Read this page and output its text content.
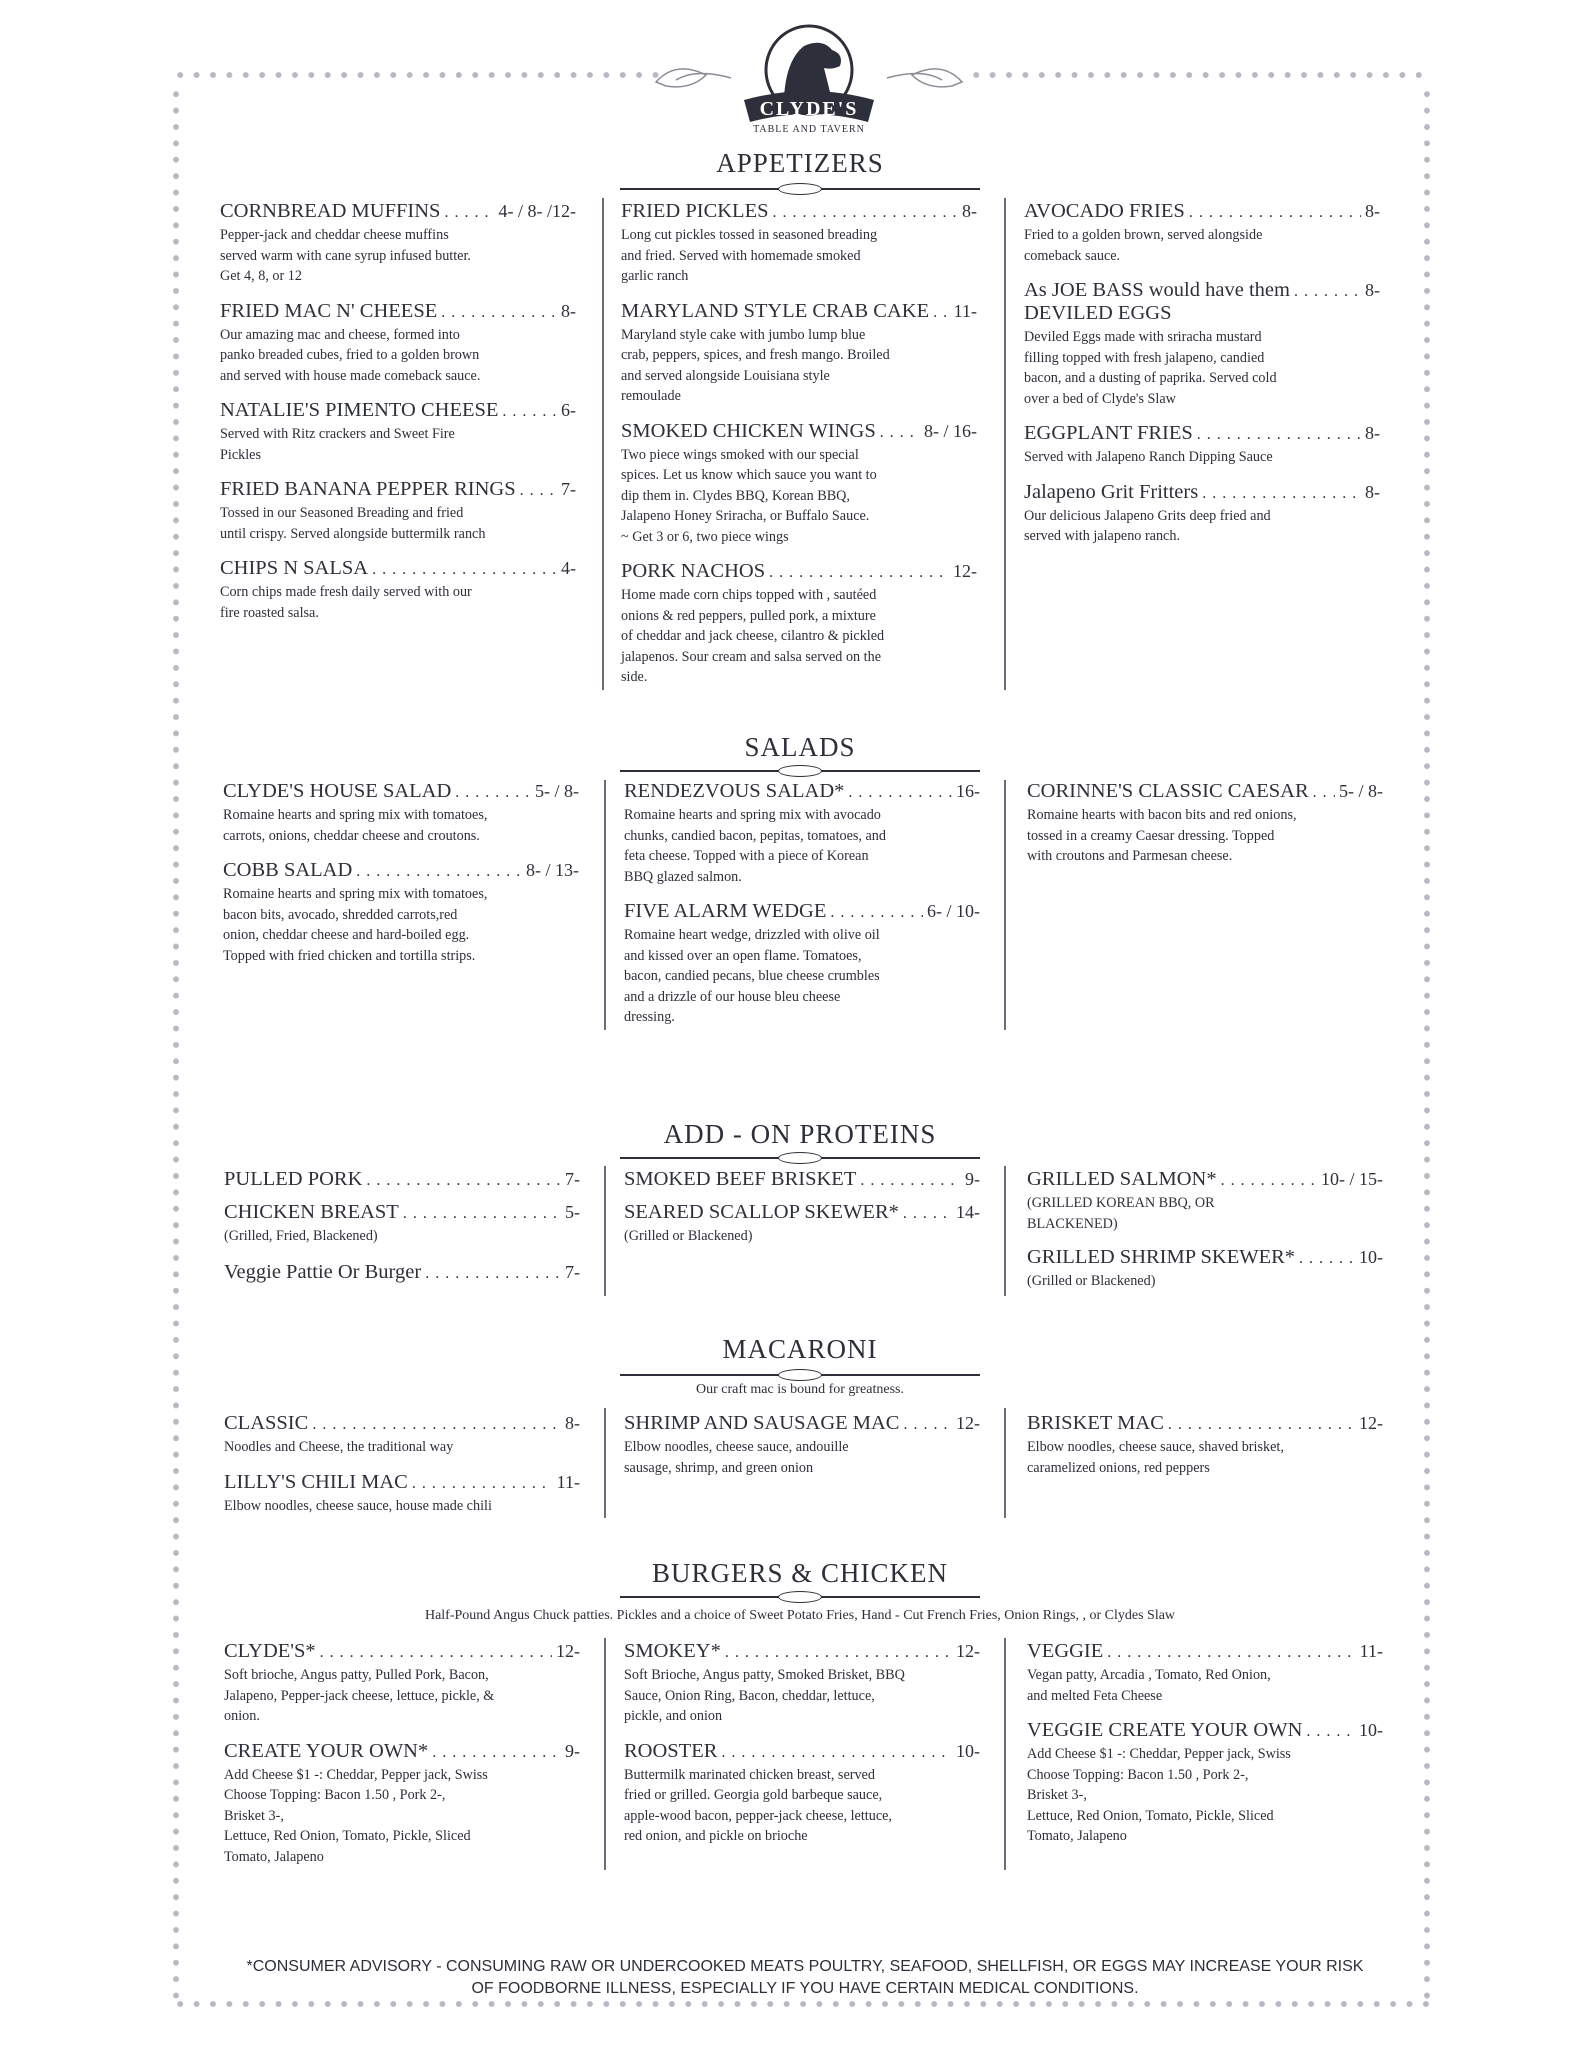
CLYDE'S
TABLE AND TAVERN
APPETIZERS
CORNBREAD MUFFINS . . .	4- / 8- /12-

Pepper-jack and cheddar cheese muffins

served warm with cane syrup infused butter.

Get 4, 8, or 12

FRIED MAC N' CHEESE . . .	8-

Our amazing mac and cheese, formed into

panko breaded cubes, fried to a golden brown

and served with house made comeback sauce.

NATALIE'S PIMENTO CHEESE . . .	6-

Served with Ritz crackers and Sweet Fire

Pickles

FRIED BANANA PEPPER RINGS . . .	7-

Tossed in our Seasoned Breading and fried

until crispy. Served alongside buttermilk ranch

CHIPS N SALSA . . .	4-

Corn chips made fresh daily served with our

fire roasted salsa.

FRIED PICKLES . . .	8-

Long cut pickles tossed in seasoned breading

and fried. Served with homemade smoked

garlic ranch

MARYLAND STYLE CRAB CAKE . . . 11-

Maryland style cake with jumbo lump blue

crab, peppers, spices, and fresh mango. Broiled

and served alongside Louisiana style

remoulade

SMOKED CHICKEN WINGS . . .	8- / 16-

Two piece wings smoked with our special

spices. Let us know which sauce you want to

dip them in. Clydes BBQ, Korean BBQ,

Jalapeno Honey Sriracha, or Buffalo Sauce.

~ Get 3 or 6, two piece wings

PORK NACHOS . . .	12-

Home made corn chips topped with , sautéed

onions & red peppers, pulled pork, a mixture

of cheddar and jack cheese, cilantro & pickled

jalapenos. Sour cream and salsa served on the

side.

AVOCADO FRIES . . .	8-

Fried to a golden brown, served alongside

comeback sauce.

As JOE BASS would have them . . .	8-
DEVILED EGGS

Deviled Eggs made with sriracha mustard

filling topped with fresh jalapeno, candied

bacon, and a dusting of paprika. Served cold

over a bed of Clyde's Slaw

EGGPLANT FRIES . . .	8-

Served with Jalapeno Ranch Dipping Sauce

Jalapeno Grit Fritters . . .	8-

Our delicious Jalapeno Grits deep fried and

served with jalapeno ranch.

SALADS
CLYDE'S HOUSE SALAD . . .	5- / 8-

Romaine hearts and spring mix with tomatoes,

carrots, onions, cheddar cheese and croutons.

COBB SALAD . . .	8- / 13-

Romaine hearts and spring mix with tomatoes,

bacon bits, avocado, shredded carrots,red

onion, cheddar cheese and hard-boiled egg.

Topped with fried chicken and tortilla strips.

RENDEZVOUS SALAD* . . .	16-

Romaine hearts and spring mix with avocado

chunks, candied bacon, pepitas, tomatoes, and

feta cheese. Topped with a piece of Korean

BBQ glazed salmon.

FIVE ALARM WEDGE . . .	6- / 10-

Romaine heart wedge, drizzled with olive oil

and kissed over an open flame. Tomatoes,

bacon, candied pecans, blue cheese crumbles

and a drizzle of our house bleu cheese

dressing.

CORINNE'S CLASSIC CAESAR . . . 5- / 8-

Romaine hearts with bacon bits and red onions,

tossed in a creamy Caesar dressing. Topped

with croutons and Parmesan cheese.

ADD - ON PROTEINS
PULLED PORK . . .	7-
CHICKEN BREAST . . .	5-

(Grilled, Fried, Blackened)

Veggie Pattie Or Burger . . .	7-
SMOKED BEEF BRISKET . . .	9-
SEARED SCALLOP SKEWER* . . .	14-

(Grilled or Blackened)

GRILLED SALMON* . . .	10- / 15-

(GRILLED KOREAN BBQ, OR

BLACKENED)

GRILLED SHRIMP SKEWER* . . .	10-

(Grilled or Blackened)

MACARONI
Our craft mac is bound for greatness.
CLASSIC . . .	8-

Noodles and Cheese, the traditional way

LILLY'S CHILI MAC . . .	11-

Elbow noodles, cheese sauce, house made chili

SHRIMP AND SAUSAGE MAC . . .	12-

Elbow noodles, cheese sauce, andouille

sausage, shrimp, and green onion

BRISKET MAC . . .	12-

Elbow noodles, cheese sauce, shaved brisket,

caramelized onions, red peppers

BURGERS & CHICKEN
Half-Pound Angus Chuck patties. Pickles and a choice of Sweet Potato Fries, Hand - Cut French Fries, Onion Rings, , or Clydes Slaw
CLYDE'S* . . .	12-

Soft brioche, Angus patty, Pulled Pork, Bacon,

Jalapeno, Pepper-jack cheese, lettuce, pickle, &

onion.

CREATE YOUR OWN* . . .	9-

Add Cheese $1 -: Cheddar, Pepper jack, Swiss

Choose Topping: Bacon 1.50 , Pork 2-,

Brisket 3-,

Lettuce, Red Onion, Tomato, Pickle, Sliced

Tomato, Jalapeno

SMOKEY* . . .	12-

Soft Brioche, Angus patty, Smoked Brisket, BBQ

Sauce, Onion Ring, Bacon, cheddar, lettuce,

pickle, and onion

ROOSTER . . .	10-

Buttermilk marinated chicken breast, served

fried or grilled. Georgia gold barbeque sauce,

apple-wood bacon, pepper-jack cheese, lettuce,

red onion, and pickle on brioche

VEGGIE . . .	11-

Vegan patty, Arcadia , Tomato, Red Onion,

and melted Feta Cheese

VEGGIE CREATE YOUR OWN . . .	10-

Add Cheese $1 -: Cheddar, Pepper jack, Swiss

Choose Topping: Bacon 1.50 , Pork 2-,

Brisket 3-,

Lettuce, Red Onion, Tomato, Pickle, Sliced

Tomato, Jalapeno

*CONSUMER ADVISORY - CONSUMING RAW OR UNDERCOOKED MEATS POULTRY, SEAFOOD, SHELLFISH, OR EGGS MAY INCREASE YOUR RISK OF FOODBORNE ILLNESS, ESPECIALLY IF YOU HAVE CERTAIN MEDICAL CONDITIONS.
